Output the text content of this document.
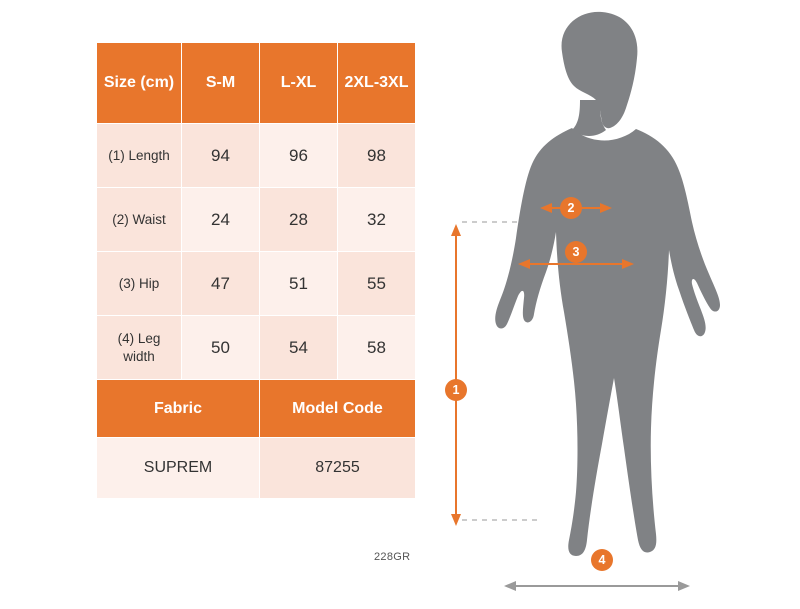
Size (cm)	S-M	L-XL	2XL-3XL
(1) Length	94	96	98
(2) Waist	24	28	32
(3) Hip	47	51	55
(4) Leg width	50	54	58
Fabric		Model Code	
SUPREM		87255	
228GR
1
2
3
4
